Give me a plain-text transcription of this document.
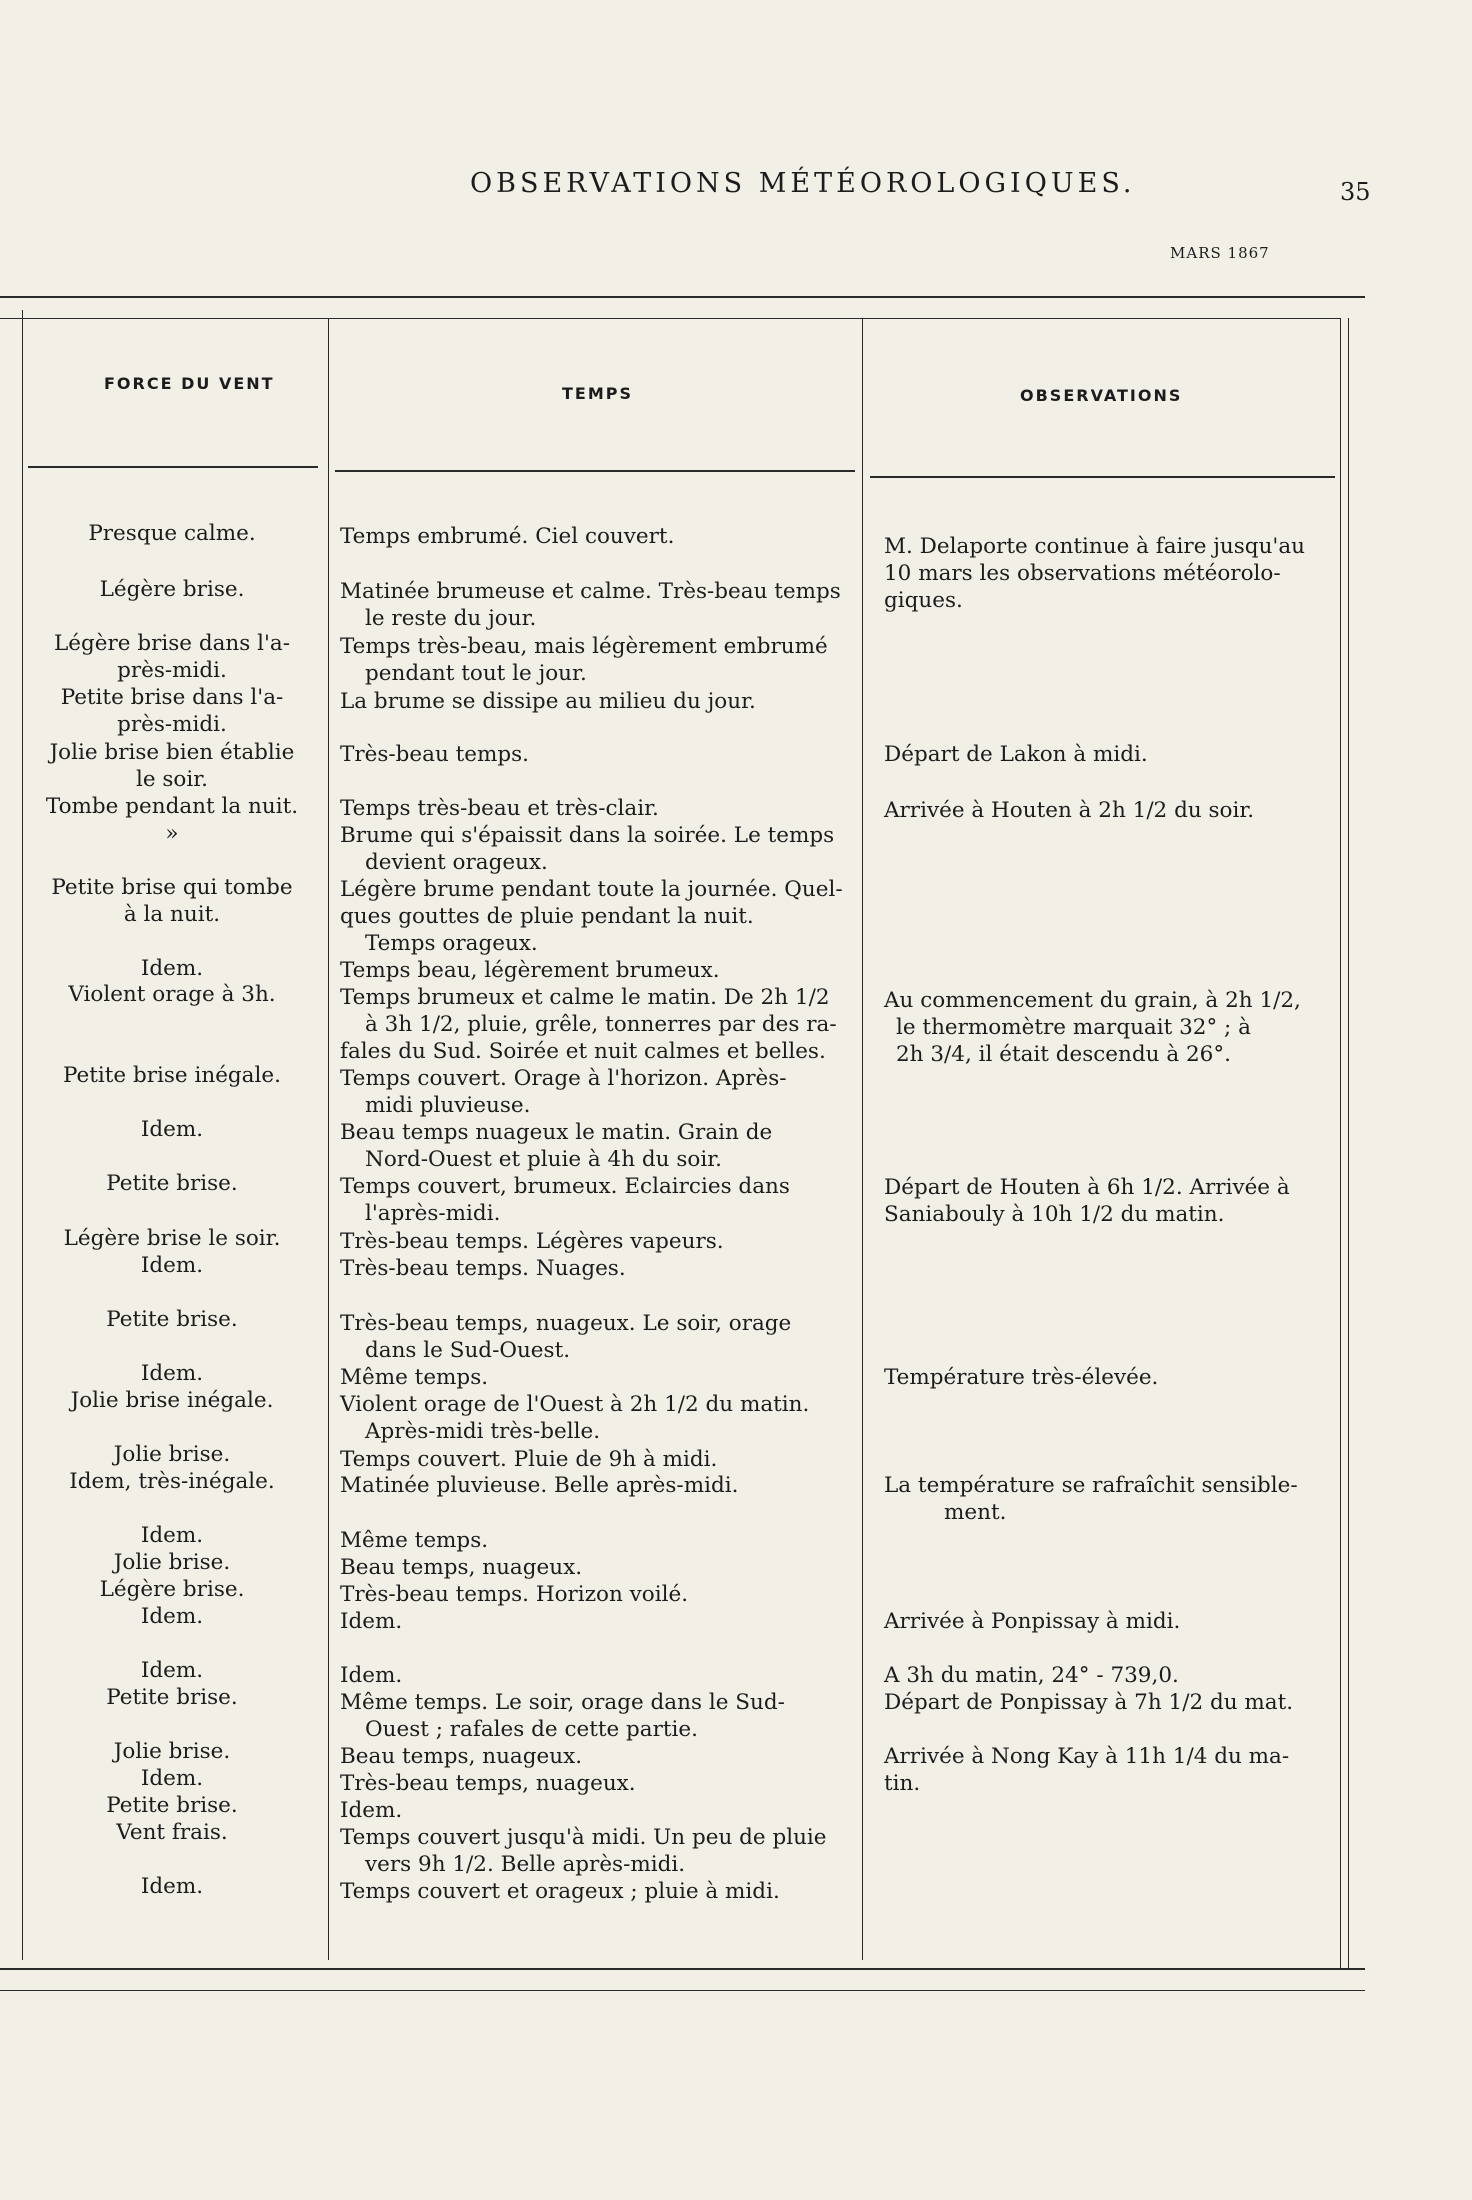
OBSERVATIONS MÉTÉOROLOGIQUES.	35
MARS 1867
FORCE DU VENT
TEMPS	OBSERVATIONS
Presque calme.
Légère brise.
Légère brise dans l'a-
près-midi.
Petite brise dans l'a-
près-midi.
Jolie brise bien établie
le soir.
Tombe pendant la nuit.
»
Petite brise qui tombe
à la nuit.
Idem.
Violent orage à 3h.
Petite brise inégale.
Idem.
Petite brise.
Légère brise le soir.
Idem.
Petite brise.
Idem.
Jolie brise inégale.
Jolie brise.
Idem, très-inégale.
Idem.
Jolie brise.
Légère brise.
Idem.
Idem.
Petite brise.
Jolie brise.
Idem.
Petite brise.
Vent frais.
Idem.
Temps embrumé. Ciel couvert.
Matinée brumeuse et calme. Très-beau temps
le reste du jour.
Temps très-beau, mais légèrement embrumé
pendant tout le jour.
La brume se dissipe au milieu du jour.
Très-beau temps.
Temps très-beau et très-clair.
Brume qui s'épaissit dans la soirée. Le temps
devient orageux.
Légère brume pendant toute la journée. Quel-
ques gouttes de pluie pendant la nuit.
Temps orageux.
Temps beau, légèrement brumeux.
Temps brumeux et calme le matin. De 2h 1/2
à 3h 1/2, pluie, grêle, tonnerres par des ra-
fales du Sud. Soirée et nuit calmes et belles.
Temps couvert. Orage à l'horizon. Après-
midi pluvieuse.
Beau temps nuageux le matin. Grain de
Nord-Ouest et pluie à 4h du soir.
Temps couvert, brumeux. Eclaircies dans
l'après-midi.
Très-beau temps. Légères vapeurs.
Très-beau temps. Nuages.
Très-beau temps, nuageux. Le soir, orage
dans le Sud-Ouest.
Même temps.
Violent orage de l'Ouest à 2h 1/2 du matin.
Après-midi très-belle.
Temps couvert. Pluie de 9h à midi.
Matinée pluvieuse. Belle après-midi.
Même temps.
Beau temps, nuageux.
Très-beau temps. Horizon voilé.
Idem.
Idem.
Même temps. Le soir, orage dans le Sud-
Ouest ; rafales de cette partie.
Beau temps, nuageux.
Très-beau temps, nuageux.
Idem.
Temps couvert jusqu'à midi. Un peu de pluie
vers 9h 1/2. Belle après-midi.
Temps couvert et orageux ; pluie à midi.
M. Delaporte continue à faire jusqu'au
10 mars les observations météorolo-
giques.
Départ de Lakon à midi.
Arrivée à Houten à 2h 1/2 du soir.
Au commencement du grain, à 2h 1/2,
le thermomètre marquait 32° ; à
2h 3/4, il était descendu à 26°.
Départ de Houten à 6h 1/2. Arrivée à
Saniabouly à 10h 1/2 du matin.
Température très-élevée.
La température se rafraîchit sensible-
ment.
Arrivée à Ponpissay à midi.
A 3h du matin, 24° - 739,0.
Départ de Ponpissay à 7h 1/2 du mat.
Arrivée à Nong Kay à 11h 1/4 du ma-
tin.
